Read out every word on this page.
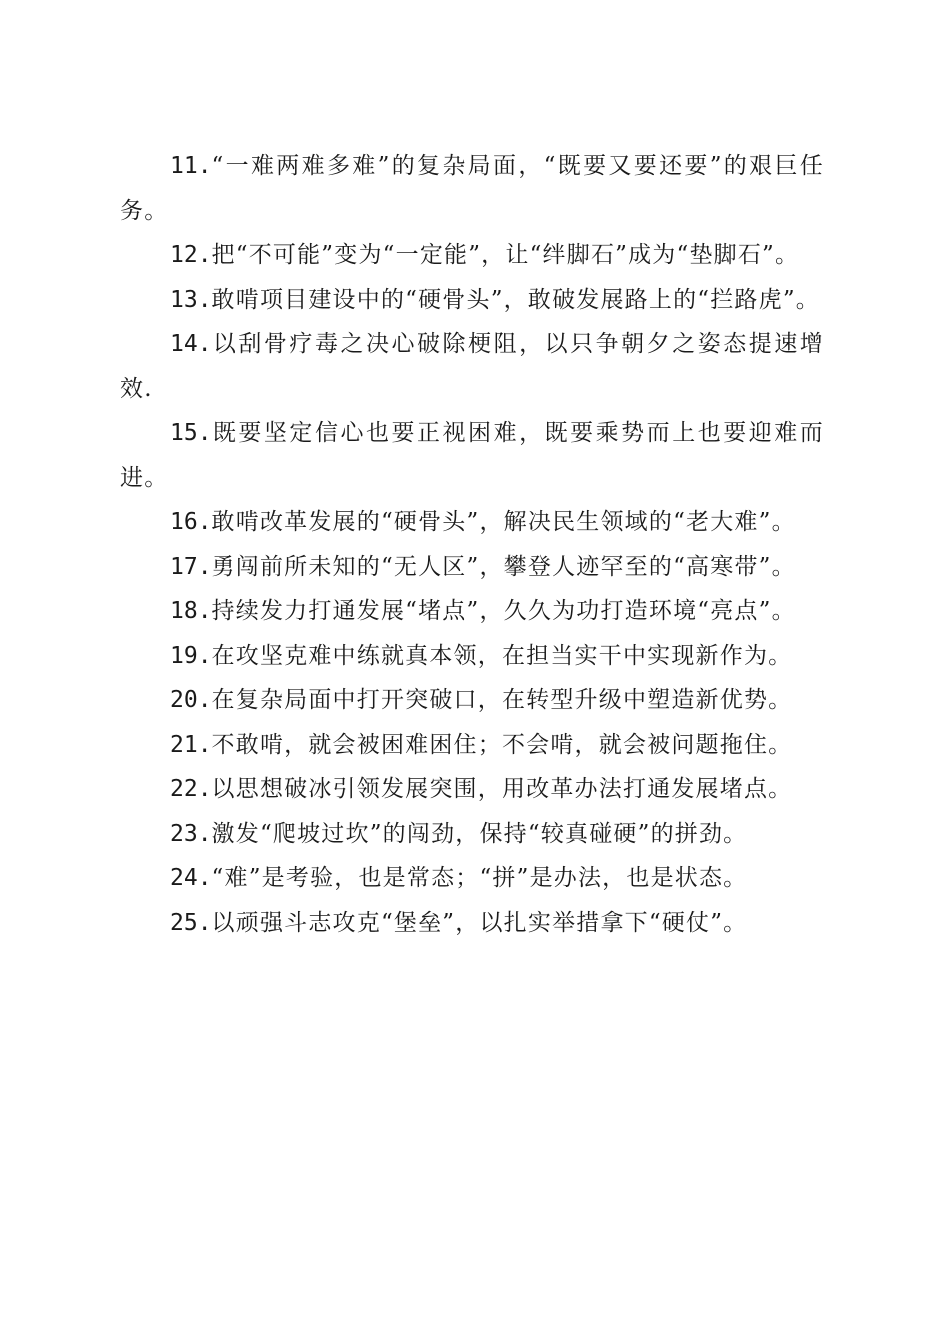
11.“一难两难多难”的复杂局面，“既要又要还要”的艰巨任务。

12.把“不可能”变为“一定能”，让“绊脚石”成为“垫脚石”。

13.敢啃项目建设中的“硬骨头”，敢破发展路上的“拦路虎”。

14.以刮骨疗毒之决心破除梗阻，以只争朝夕之姿态提速增效.

15.既要坚定信心也要正视困难，既要乘势而上也要迎难而进。

16.敢啃改革发展的“硬骨头”，解决民生领域的“老大难”。

17.勇闯前所未知的“无人区”，攀登人迹罕至的“高寒带”。

18.持续发力打通发展“堵点”，久久为功打造环境“亮点”。

19.在攻坚克难中练就真本领，在担当实干中实现新作为。

20.在复杂局面中打开突破口，在转型升级中塑造新优势。

21.不敢啃，就会被困难困住；不会啃，就会被问题拖住。

22.以思想破冰引领发展突围，用改革办法打通发展堵点。

23.激发“爬坡过坎”的闯劲，保持“较真碰硬”的拼劲。

24.“难”是考验，也是常态；“拼”是办法，也是状态。

25.以顽强斗志攻克“堡垒”，以扎实举措拿下“硬仗”。
